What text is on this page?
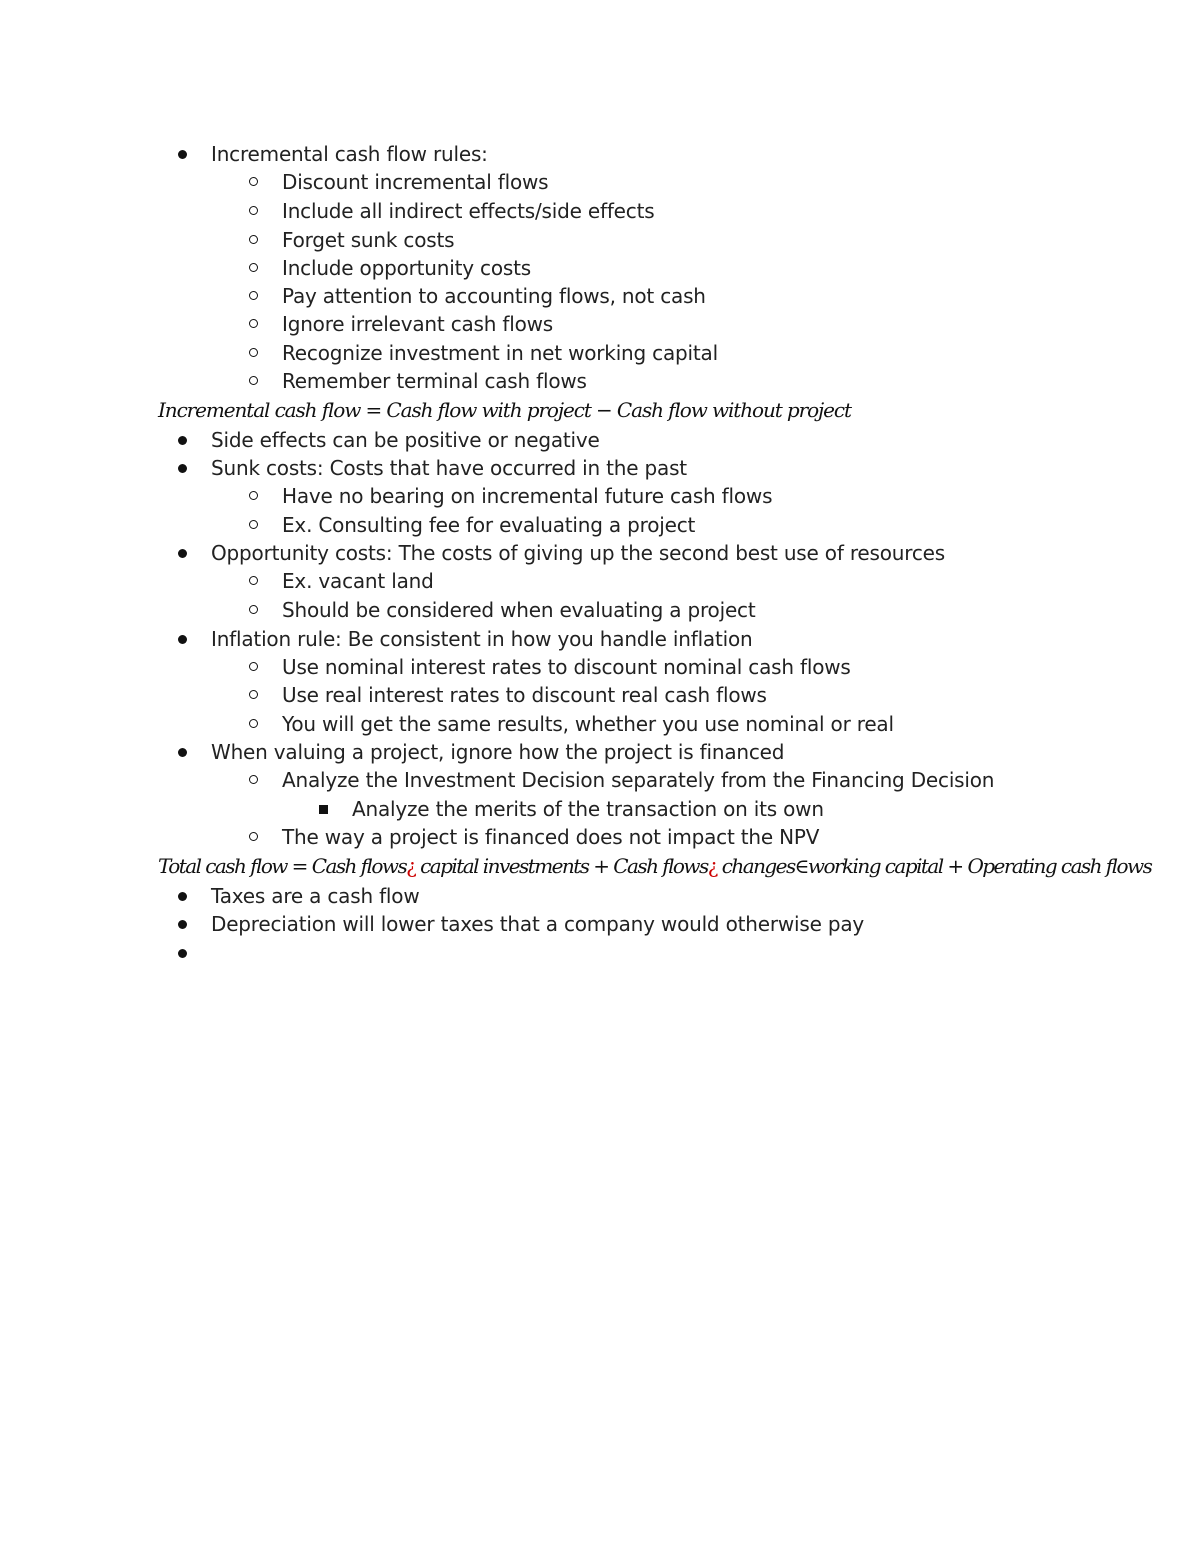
Incremental cash flow rules:
Discount incremental flows
Include all indirect effects/side effects
Forget sunk costs
Include opportunity costs
Pay attention to accounting flows, not cash
Ignore irrelevant cash flows
Recognize investment in net working capital
Remember terminal cash flows
Incremental cash flow = Cash flow with project − Cash flow without project
Side effects can be positive or negative
Sunk costs: Costs that have occurred in the past
Have no bearing on incremental future cash flows
Ex. Consulting fee for evaluating a project
Opportunity costs: The costs of giving up the second best use of resources
Ex. vacant land
Should be considered when evaluating a project
Inflation rule: Be consistent in how you handle inflation
Use nominal interest rates to discount nominal cash flows
Use real interest rates to discount real cash flows
You will get the same results, whether you use nominal or real
When valuing a project, ignore how the project is financed
Analyze the Investment Decision separately from the Financing Decision
Analyze the merits of the transaction on its own
The way a project is financed does not impact the NPV
Total cash flow = Cash flows¿ capital investments + Cash flows¿ changes∈working capital + Operating cash flows
Taxes are a cash flow
Depreciation will lower taxes that a company would otherwise pay
